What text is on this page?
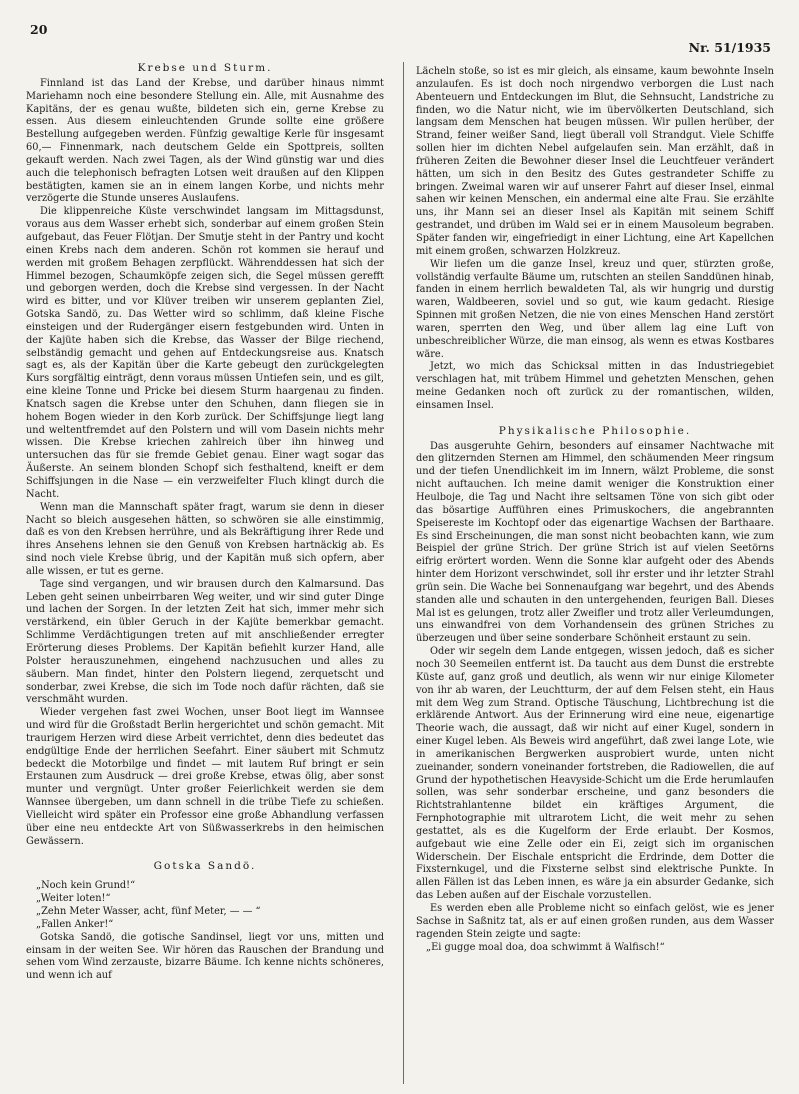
20
Nr. 51/1935
Krebse und Sturm.

Finnland ist das Land der Krebse, und darüber hinaus nimmt Mariehamn noch eine besondere Stellung ein. Alle, mit Ausnahme des Kapitäns, der es genau wußte, bildeten sich ein, gerne Krebse zu essen. Aus diesem einleuchtenden Grunde sollte eine größere Bestellung aufgegeben werden. Fünfzig gewaltige Kerle für insgesamt 60,— Finnenmark, nach deutschem Gelde ein Spottpreis, sollten gekauft werden. Nach zwei Tagen, als der Wind günstig war und dies auch die telephonisch befragten Lotsen weit draußen auf den Klippen bestätigten, kamen sie an in einem langen Korbe, und nichts mehr verzögerte die Stunde unseres Auslaufens.

Die klippenreiche Küste verschwindet langsam im Mittagsdunst, voraus aus dem Wasser erhebt sich, sonderbar auf einem großen Stein aufgebaut, das Feuer Flötjan. Der Smutje steht in der Pantry und kocht einen Krebs nach dem anderen. Schön rot kommen sie herauf und werden mit großem Behagen zerpflückt. Währenddessen hat sich der Himmel bezogen, Schaumköpfe zeigen sich, die Segel müssen gerefft und geborgen werden, doch die Krebse sind vergessen. In der Nacht wird es bitter, und vor Klüver treiben wir unserem geplanten Ziel, Gotska Sandö, zu. Das Wetter wird so schlimm, daß kleine Fische einsteigen und der Rudergänger eisern festgebunden wird. Unten in der Kajüte haben sich die Krebse, das Wasser der Bilge riechend, selbständig gemacht und gehen auf Entdeckungsreise aus. Knatsch sagt es, als der Kapitän über die Karte gebeugt den zurückgelegten Kurs sorgfältig einträgt, denn voraus müssen Untiefen sein, und es gilt, eine kleine Tonne und Pricke bei diesem Sturm haargenau zu finden. Knatsch sagen die Krebse unter den Schuhen, dann fliegen sie in hohem Bogen wieder in den Korb zurück. Der Schiffsjunge liegt lang und weltentfremdet auf den Polstern und will vom Dasein nichts mehr wissen. Die Krebse kriechen zahlreich über ihn hinweg und untersuchen das für sie fremde Gebiet genau. Einer wagt sogar das Äußerste. An seinem blonden Schopf sich festhaltend, kneift er dem Schiffsjungen in die Nase — ein verzweifelter Fluch klingt durch die Nacht.

Wenn man die Mannschaft später fragt, warum sie denn in dieser Nacht so bleich ausgesehen hätten, so schwören sie alle einstimmig, daß es von den Krebsen herrühre, und als Bekräftigung ihrer Rede und ihres Ansehens lehnen sie den Genuß von Krebsen hartnäckig ab. Es sind noch viele Krebse übrig, und der Kapitän muß sich opfern, aber alle wissen, er tut es gerne.

Tage sind vergangen, und wir brausen durch den Kalmarsund. Das Leben geht seinen unbeirrbaren Weg weiter, und wir sind guter Dinge und lachen der Sorgen. In der letzten Zeit hat sich, immer mehr sich verstärkend, ein übler Geruch in der Kajüte bemerkbar gemacht. Schlimme Verdächtigungen treten auf mit anschließender erregter Erörterung dieses Problems. Der Kapitän befiehlt kurzer Hand, alle Polster herauszunehmen, eingehend nachzusuchen und alles zu säubern. Man findet, hinter den Polstern liegend, zerquetscht und sonderbar, zwei Krebse, die sich im Tode noch dafür rächten, daß sie verschmäht wurden.

Wieder vergehen fast zwei Wochen, unser Boot liegt im Wannsee und wird für die Großstadt Berlin hergerichtet und schön gemacht. Mit traurigem Herzen wird diese Arbeit verrichtet, denn dies bedeutet das endgültige Ende der herrlichen Seefahrt. Einer säubert mit Schmutz bedeckt die Motorbilge und findet — mit lautem Ruf bringt er sein Erstaunen zum Ausdruck — drei große Krebse, etwas ölig, aber sonst munter und vergnügt. Unter großer Feierlichkeit werden sie dem Wannsee übergeben, um dann schnell in die trübe Tiefe zu schießen. Vielleicht wird später ein Professor eine große Abhandlung verfassen über eine neu entdeckte Art von Süßwasserkrebs in den heimischen Gewässern.

Gotska Sandö.
„Noch kein Grund!“
„Weiter loten!“
„Zehn Meter Wasser, acht, fünf Meter, — — “
„Fallen Anker!“

Gotska Sandö, die gotische Sandinsel, liegt vor uns, mitten und einsam in der weiten See. Wir hören das Rauschen der Brandung und sehen vom Wind zerzauste, bizarre Bäume. Ich kenne nichts schöneres, und wenn ich auf

Lächeln stoße, so ist es mir gleich, als einsame, kaum bewohnte Inseln anzulaufen. Es ist doch noch nirgendwo verborgen die Lust nach Abenteuern und Entdeckungen im Blut, die Sehnsucht, Landstriche zu finden, wo die Natur nicht, wie im übervölkerten Deutschland, sich langsam dem Menschen hat beugen müssen. Wir pullen herüber, der Strand, feiner weißer Sand, liegt überall voll Strandgut. Viele Schiffe sollen hier im dichten Nebel aufgelaufen sein. Man erzählt, daß in früheren Zeiten die Bewohner dieser Insel die Leuchtfeuer verändert hätten, um sich in den Besitz des Gutes gestrandeter Schiffe zu bringen. Zweimal waren wir auf unserer Fahrt auf dieser Insel, einmal sahen wir keinen Menschen, ein andermal eine alte Frau. Sie erzählte uns, ihr Mann sei an dieser Insel als Kapitän mit seinem Schiff gestrandet, und drüben im Wald sei er in einem Mausoleum begraben. Später fanden wir, eingefriedigt in einer Lichtung, eine Art Kapellchen mit einem großen, schwarzen Holzkreuz.

Wir liefen um die ganze Insel, kreuz und quer, stürzten große, vollständig verfaulte Bäume um, rutschten an steilen Sanddünen hinab, fanden in einem herrlich bewaldeten Tal, als wir hungrig und durstig waren, Waldbeeren, soviel und so gut, wie kaum gedacht. Riesige Spinnen mit großen Netzen, die nie von eines Menschen Hand zerstört waren, sperrten den Weg, und über allem lag eine Luft von unbeschreiblicher Würze, die man einsog, als wenn es etwas Kostbares wäre.

Jetzt, wo mich das Schicksal mitten in das Industriegebiet verschlagen hat, mit trübem Himmel und gehetzten Menschen, gehen meine Gedanken noch oft zurück zu der romantischen, wilden, einsamen Insel.

Physikalische Philosophie.

Das ausgeruhte Gehirn, besonders auf einsamer Nachtwache mit den glitzernden Sternen am Himmel, den schäumenden Meer ringsum und der tiefen Unendlichkeit im im Innern, wälzt Probleme, die sonst nicht auftauchen. Ich meine damit weniger die Konstruktion einer Heulboje, die Tag und Nacht ihre seltsamen Töne von sich gibt oder das bösartige Aufführen eines Primuskochers, die angebrannten Speisereste im Kochtopf oder das eigenartige Wachsen der Barthaare. Es sind Erscheinungen, die man sonst nicht beobachten kann, wie zum Beispiel der grüne Strich. Der grüne Strich ist auf vielen Seetörns eifrig erörtert worden. Wenn die Sonne klar aufgeht oder des Abends hinter dem Horizont verschwindet, soll ihr erster und ihr letzter Strahl grün sein. Die Wache bei Sonnenaufgang war begehrt, und des Abends standen alle und schauten in den untergehenden, feurigen Ball. Dieses Mal ist es gelungen, trotz aller Zweifler und trotz aller Verleumdungen, uns einwandfrei von dem Vorhandensein des grünen Striches zu überzeugen und über seine sonderbare Schönheit erstaunt zu sein.

Oder wir segeln dem Lande entgegen, wissen jedoch, daß es sicher noch 30 Seemeilen entfernt ist. Da taucht aus dem Dunst die erstrebte Küste auf, ganz groß und deutlich, als wenn wir nur einige Kilometer von ihr ab waren, der Leuchtturm, der auf dem Felsen steht, ein Haus mit dem Weg zum Strand. Optische Täuschung, Lichtbrechung ist die erklärende Antwort. Aus der Erinnerung wird eine neue, eigenartige Theorie wach, die aussagt, daß wir nicht auf einer Kugel, sondern in einer Kugel leben. Als Beweis wird angeführt, daß zwei lange Lote, wie in amerikanischen Bergwerken ausprobiert wurde, unten nicht zueinander, sondern voneinander fortstreben, die Radiowellen, die auf Grund der hypothetischen Heavyside-Schicht um die Erde herumlaufen sollen, was sehr sonderbar erscheine, und ganz besonders die Richtstrahlantenne bildet ein kräftiges Argument, die Fernphotographie mit ultrarotem Licht, die weit mehr zu sehen gestattet, als es die Kugelform der Erde erlaubt. Der Kosmos, aufgebaut wie eine Zelle oder ein Ei, zeigt sich im organischen Widerschein. Der Eischale entspricht die Erdrinde, dem Dotter die Fixsternkugel, und die Fixsterne selbst sind elektrische Punkte. In allen Fällen ist das Leben innen, es wäre ja ein absurder Gedanke, sich das Leben außen auf der Eischale vorzustellen.

Es werden eben alle Probleme nicht so einfach gelöst, wie es jener Sachse in Saßnitz tat, als er auf einen großen runden, aus dem Wasser ragenden Stein zeigte und sagte:

„Ei gugge moal doa, doa schwimmt ä Walfisch!“
